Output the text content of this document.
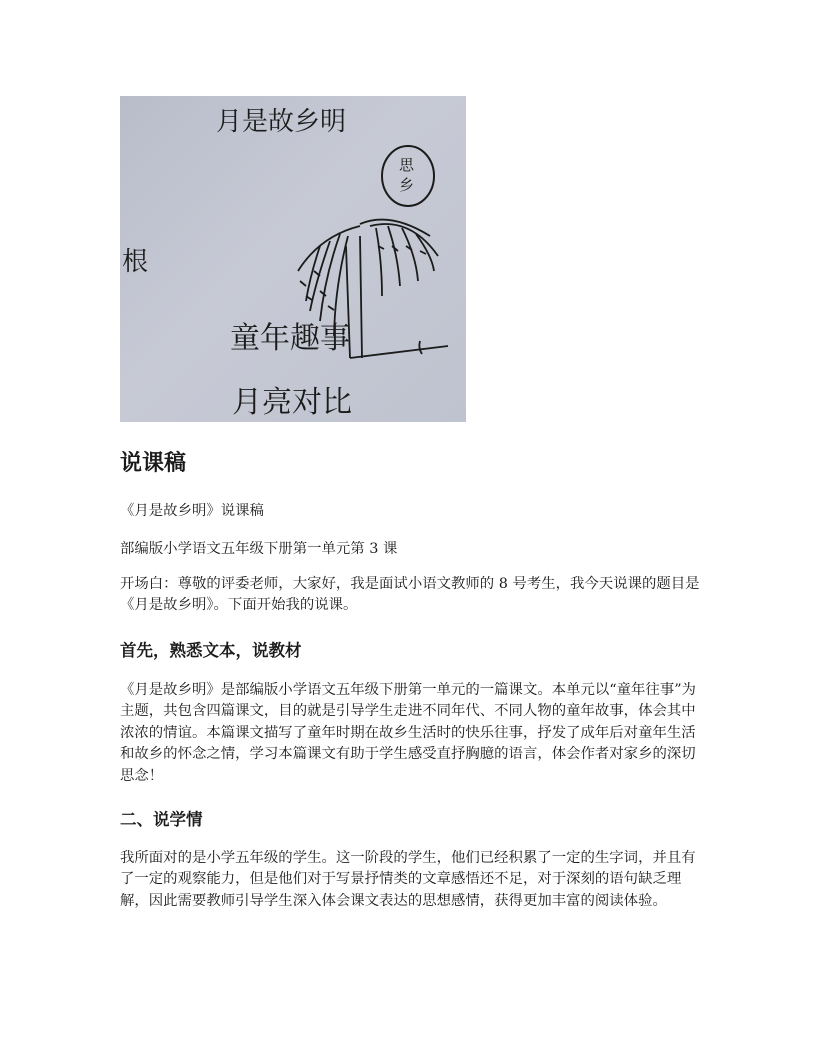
月是故乡明
思
乡
根
童年趣事
月亮对比
说课稿

《月是故乡明》说课稿

部编版小学语文五年级下册第一单元第 3 课

开场白：尊敬的评委老师，大家好，我是面试小语文教师的 8 号考生，我今天说课的题目是《月是故乡明》。下面开始我的说课。

首先，熟悉文本，说教材

《月是故乡明》是部编版小学语文五年级下册第一单元的一篇课文。本单元以“童年往事”为主题，共包含四篇课文，目的就是引导学生走进不同年代、不同人物的童年故事，体会其中浓浓的情谊。本篇课文描写了童年时期在故乡生活时的快乐往事，抒发了成年后对童年生活和故乡的怀念之情，学习本篇课文有助于学生感受直抒胸臆的语言，体会作者对家乡的深切思念！

二、说学情

我所面对的是小学五年级的学生。这一阶段的学生，他们已经积累了一定的生字词，并且有了一定的观察能力，但是他们对于写景抒情类的文章感悟还不足，对于深刻的语句缺乏理解，因此需要教师引导学生深入体会课文表达的思想感情，获得更加丰富的阅读体验。
